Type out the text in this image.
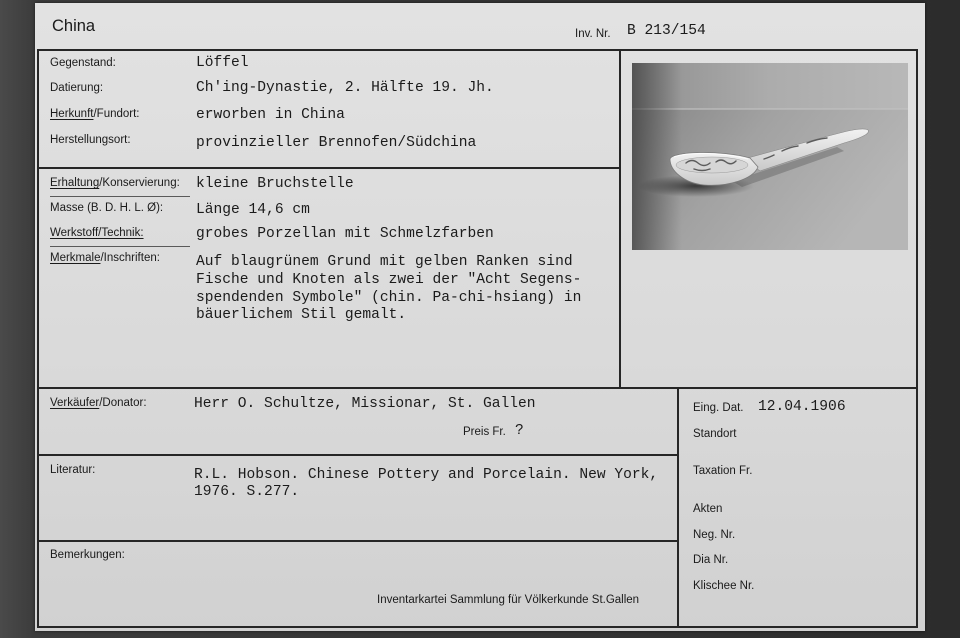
China	Inv. Nr. B 213/154
Gegenstand:	Löffel
Datierung:	Ch'ing-Dynastie, 2. Hälfte 19. Jh.
Herkunft/Fundort:	erworben in China
Herstellungsort:	provinzieller Brennofen/Südchina
Erhaltung/Konservierung: kleine Bruchstelle
Masse (B. D. H. L. Ø): Länge 14,6 cm
Werkstoff/Technik:	grobes Porzellan mit Schmelzfarben
Merkmale/Inschriften: Auf blaugrünem Grund mit gelben Ranken sind
Fische und Knoten als zwei der "Acht Segens-
spendenden Symbole" (chin. Pa-chi-hsiang) in
bäuerlichem Stil gemalt.
Verkäufer/Donator:	Herr O. Schultze, Missionar, St. Gallen
Preis Fr. ?
Literatur:	R.L. Hobson. Chinese Pottery and Porcelain. New York,
1976. S.277.
Bemerkungen:
Inventarkartei Sammlung für Völkerkunde St.Gallen
Eing. Dat. 12.04.1906
Standort
Taxation Fr.
Akten
Neg. Nr.
Dia Nr.
Klischee Nr.
